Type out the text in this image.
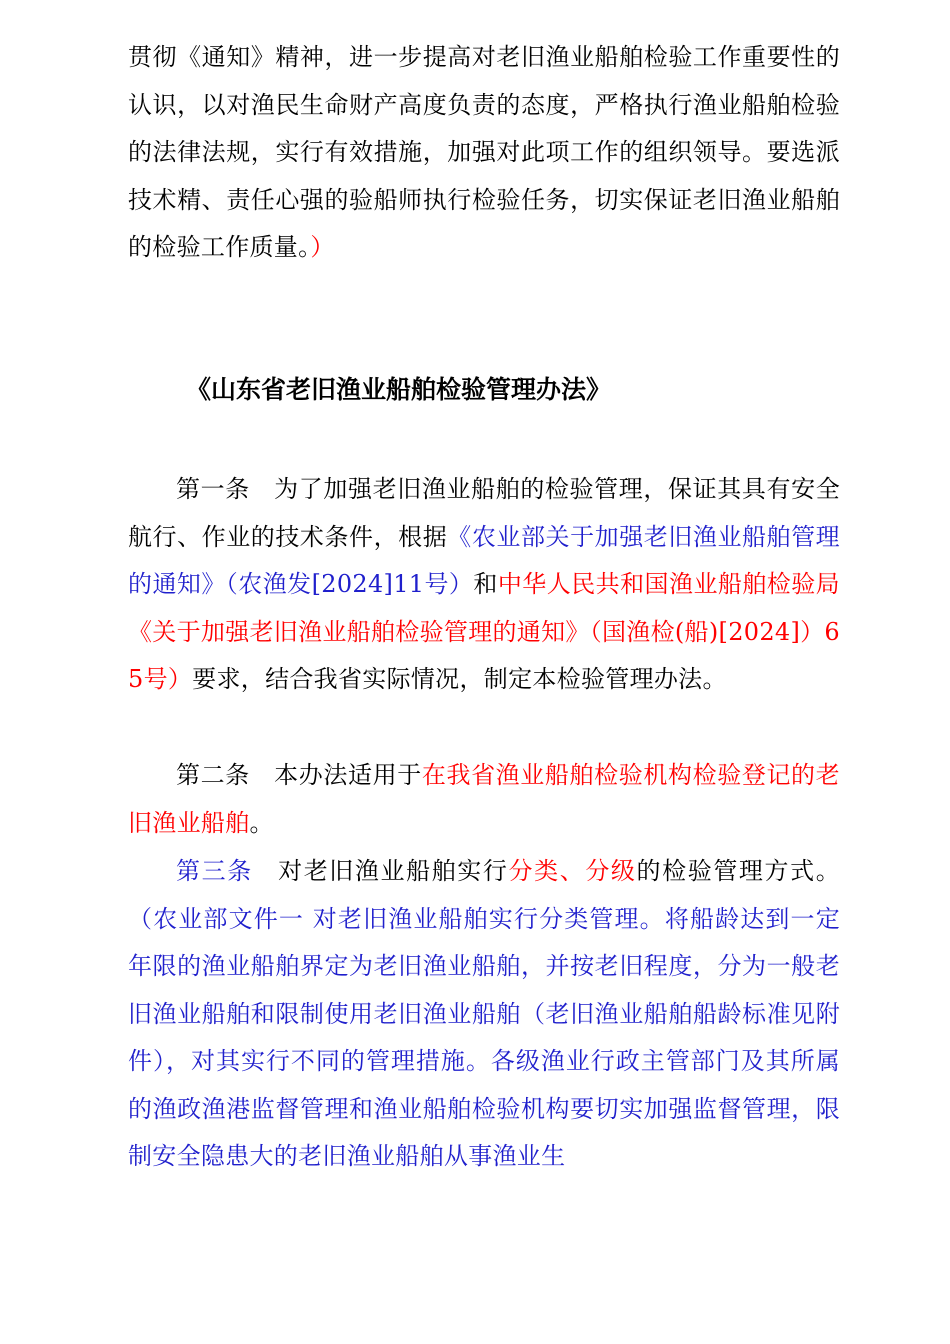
贯彻《通知》精神，进一步提高对老旧渔业船舶检验工作重要性的认识，以对渔民生命财产高度负责的态度，严格执行渔业船舶检验的法律法规，实行有效措施，加强对此项工作的组织领导。要选派技术精、责任心强的验船师执行检验任务，切实保证老旧渔业船舶的检验工作质量。）
《山东省老旧渔业船舶检验管理办法》
第一条 为了加强老旧渔业船舶的检验管理，保证其具有安全航行、作业的技术条件，根据《农业部关于加强老旧渔业船舶管理的通知》（农渔发[2024]11号）和中华人民共和国渔业船舶检验局《关于加强老旧渔业船舶检验管理的通知》（国渔检(船)[2024]）65号）要求，结合我省实际情况，制定本检验管理办法。
第二条 本办法适用于在我省渔业船舶检验机构检验登记的老旧渔业船舶。
第三条 对老旧渔业船舶实行分类、分级的检验管理方式。（农业部文件一 对老旧渔业船舶实行分类管理。将船龄达到一定年限的渔业船舶界定为老旧渔业船舶，并按老旧程度，分为一般老旧渔业船舶和限制使用老旧渔业船舶（老旧渔业船舶船龄标准见附件），对其实行不同的管理措施。各级渔业行政主管部门及其所属的渔政渔港监督管理和渔业船舶检验机构要切实加强监督管理，限制安全隐患大的老旧渔业船舶从事渔业生
